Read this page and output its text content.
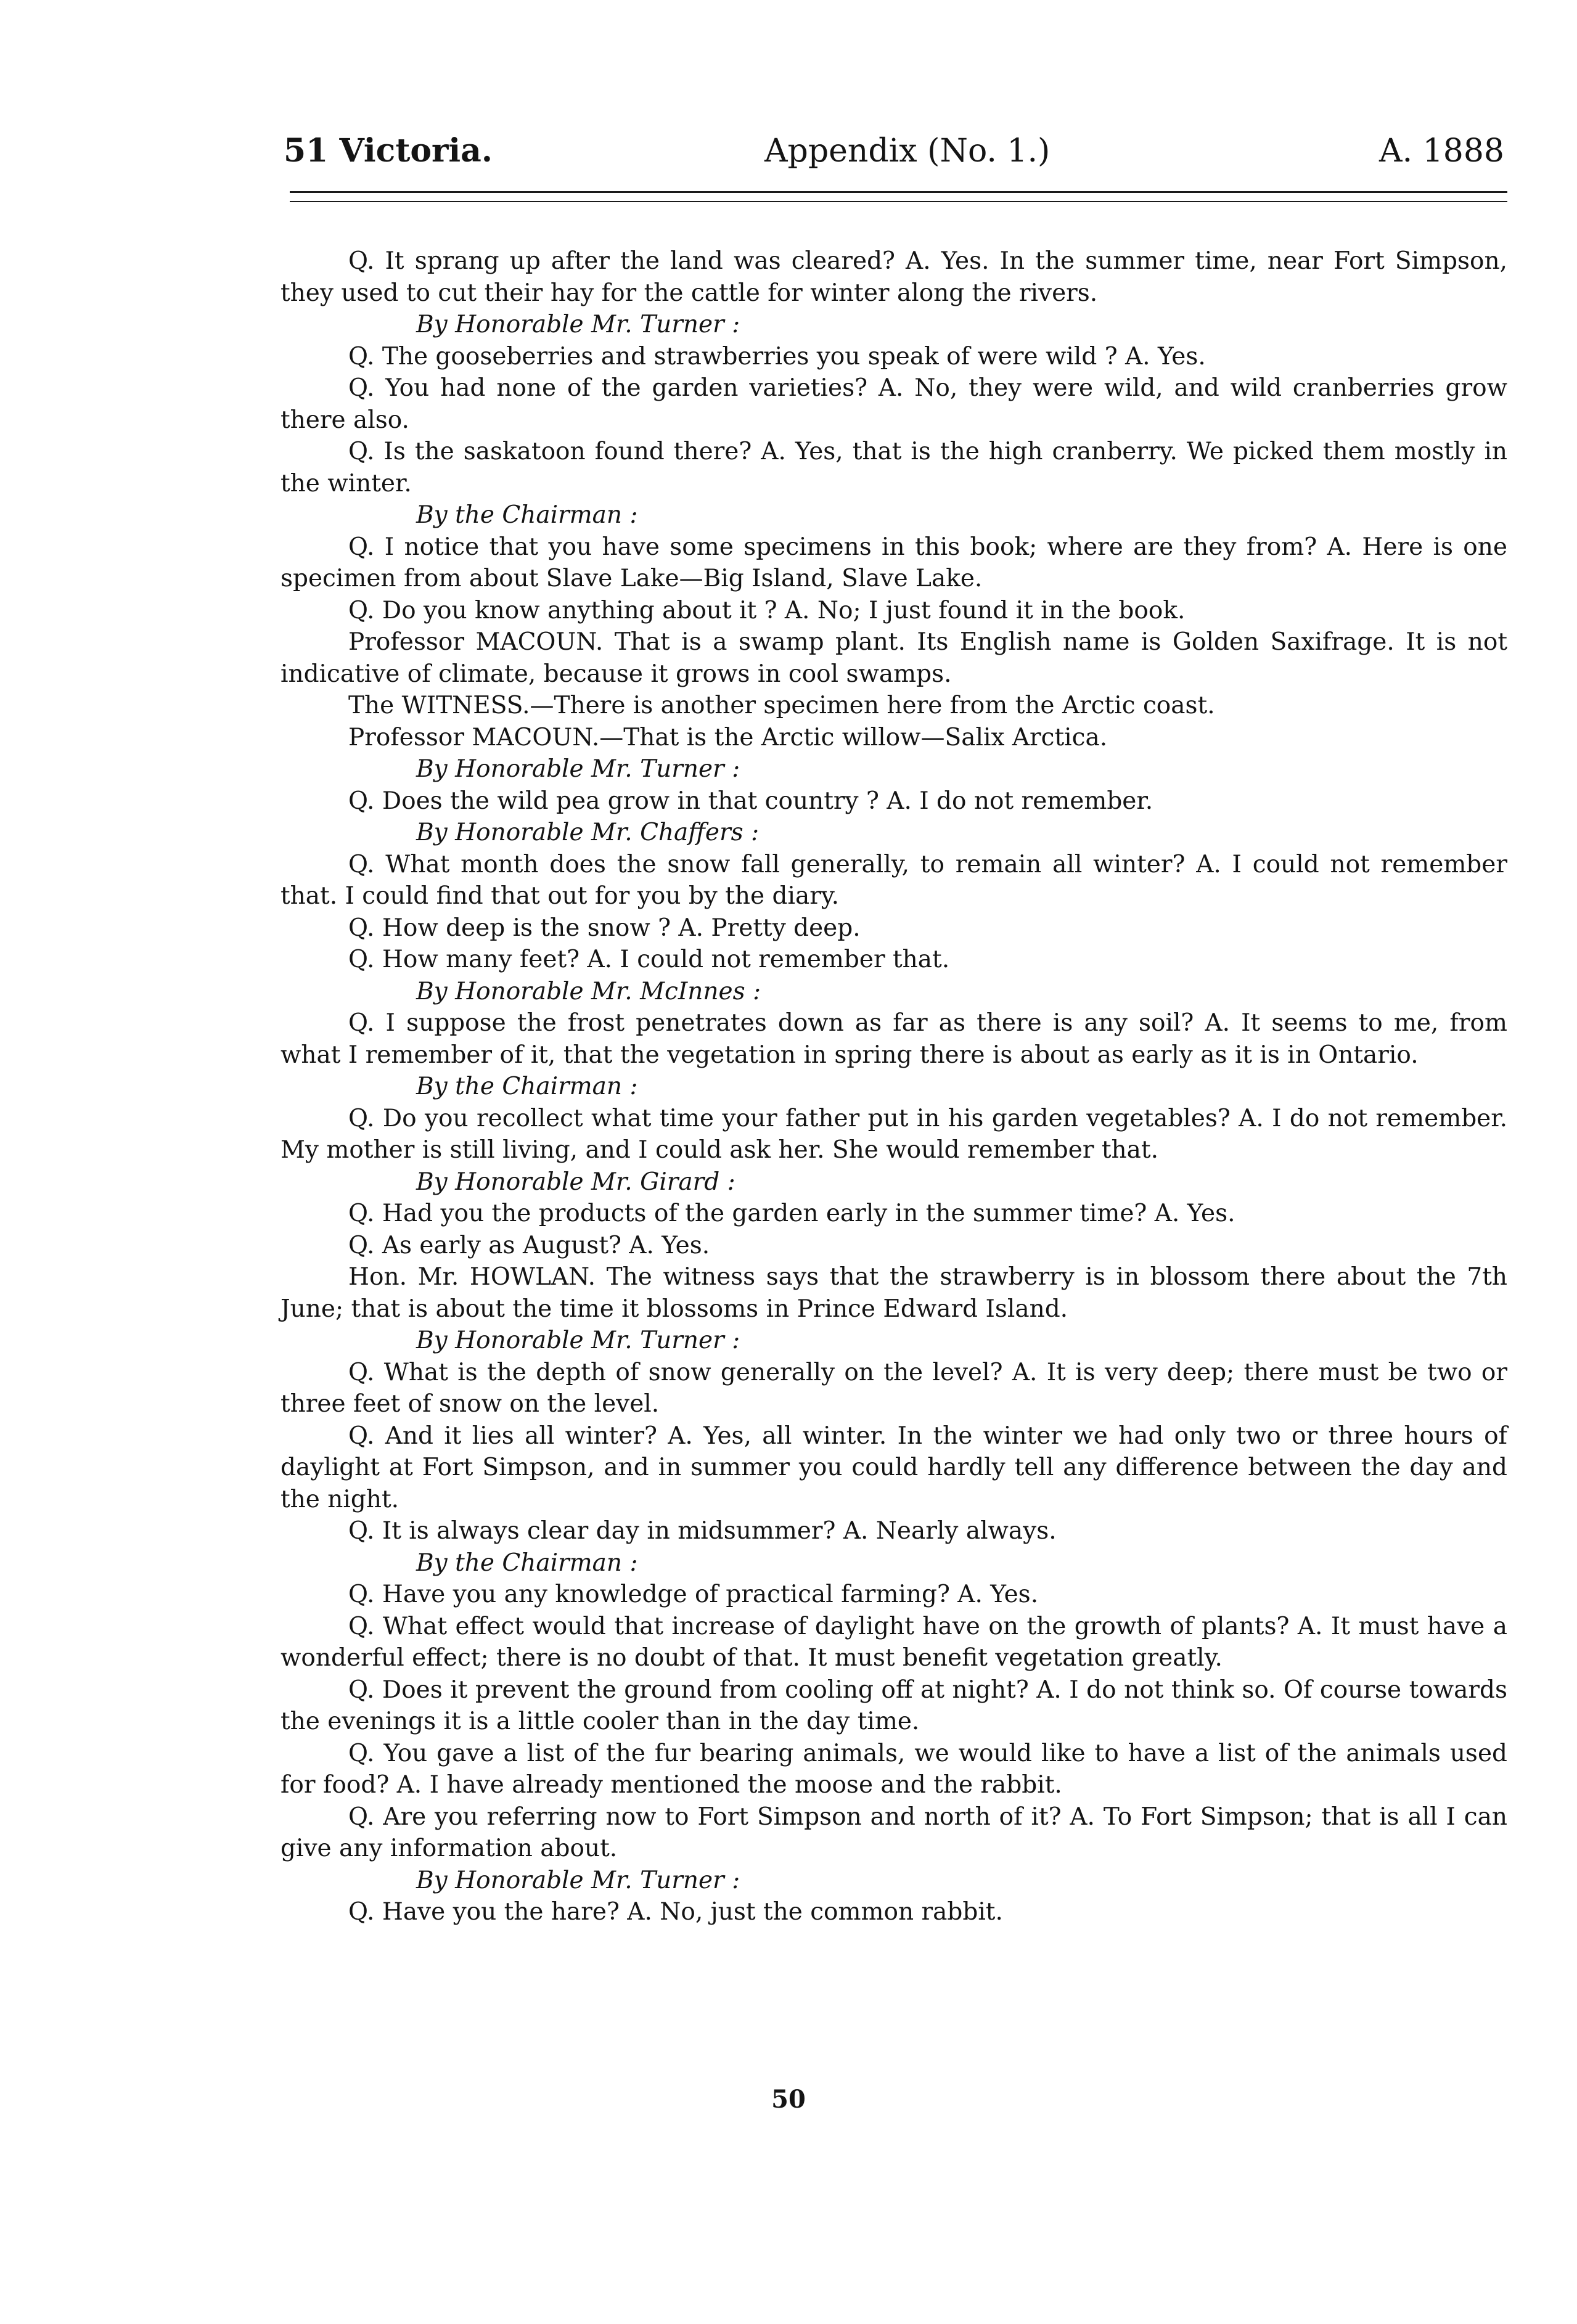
51 Victoria.	Appendix (No. 1.)	A. 1888

Q. It sprang up after the land was cleared? A. Yes. In the summer time, near Fort Simpson, they used to cut their hay for the cattle for winter along the rivers.

By Honorable Mr. Turner :

Q. The gooseberries and strawberries you speak of were wild ? A. Yes.

Q. You had none of the garden varieties? A. No, they were wild, and wild cranberries grow there also.

Q. Is the saskatoon found there? A. Yes, that is the high cranberry. We picked them mostly in the winter.

By the Chairman :

Q. I notice that you have some specimens in this book; where are they from? A. Here is one specimen from about Slave Lake—Big Island, Slave Lake.

Q. Do you know anything about it ? A. No; I just found it in the book.

Professor MACOUN. That is a swamp plant. Its English name is Golden Saxifrage. It is not indicative of climate, because it grows in cool swamps.

The WITNESS.—There is another specimen here from the Arctic coast.

Professor MACOUN.—That is the Arctic willow—Salix Arctica.

By Honorable Mr. Turner :

Q. Does the wild pea grow in that country ? A. I do not remember.

By Honorable Mr. Chaffers :

Q. What month does the snow fall generally, to remain all winter? A. I could not remember that. I could find that out for you by the diary.

Q. How deep is the snow ? A. Pretty deep.

Q. How many feet? A. I could not remember that.

By Honorable Mr. McInnes :

Q. I suppose the frost penetrates down as far as there is any soil? A. It seems to me, from what I remember of it, that the vegetation in spring there is about as early as it is in Ontario.

By the Chairman :

Q. Do you recollect what time your father put in his garden vegetables? A. I do not remember. My mother is still living, and I could ask her. She would remember that.

By Honorable Mr. Girard :

Q. Had you the products of the garden early in the summer time? A. Yes.

Q. As early as August? A. Yes.

Hon. Mr. HOWLAN. The witness says that the strawberry is in blossom there about the 7th June; that is about the time it blossoms in Prince Edward Island.

By Honorable Mr. Turner :

Q. What is the depth of snow generally on the level? A. It is very deep; there must be two or three feet of snow on the level.

Q. And it lies all winter? A. Yes, all winter. In the winter we had only two or three hours of daylight at Fort Simpson, and in summer you could hardly tell any difference between the day and the night.

Q. It is always clear day in midsummer? A. Nearly always.

By the Chairman :

Q. Have you any knowledge of practical farming? A. Yes.

Q. What effect would that increase of daylight have on the growth of plants? A. It must have a wonderful effect; there is no doubt of that. It must benefit vegetation greatly.

Q. Does it prevent the ground from cooling off at night? A. I do not think so. Of course towards the evenings it is a little cooler than in the day time.

Q. You gave a list of the fur bearing animals, we would like to have a list of the animals used for food? A. I have already mentioned the moose and the rabbit.

Q. Are you referring now to Fort Simpson and north of it? A. To Fort Simpson; that is all I can give any information about.

By Honorable Mr. Turner :

Q. Have you the hare? A. No, just the common rabbit.

50
